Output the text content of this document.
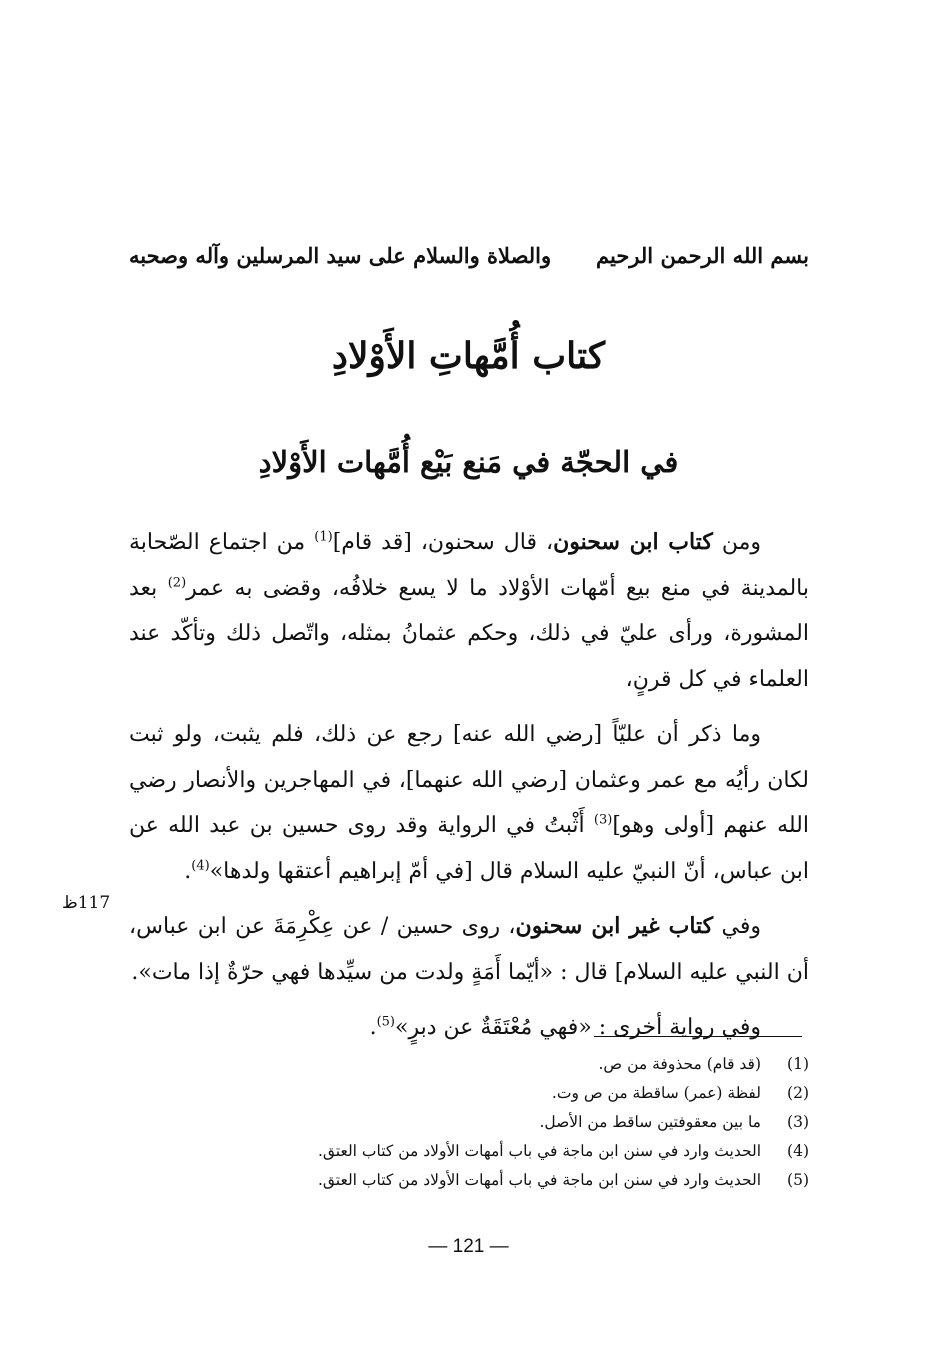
بسم الله الرحمن الرحيم
والصلاة والسلام على سيد المرسلين وآله وصحبه
كتاب أُمَّهاتِ الأَوْلادِ
في الحجّة في مَنع بَيْع أُمَّهات الأَوْلادِ

ومن كتاب ابن سحنون، قال سحنون، [قد قام]$^{(1)}$ من اجتماع الصّحابة بالمدينة في منع بيع أمّهات الأوْلاد ما لا يسع خلافُه، وقضى به عمر$^{(2)}$ بعد المشورة، ورأى عليّ في ذلك، وحكم عثمانُ بمثله، واتّصل ذلك وتأكّد عند العلماء في كل قرنٍ،

وما ذكر أن عليّاً [رضي الله عنه] رجع عن ذلك، فلم يثبت، ولو ثبت لكان رأيُه مع عمر وعثمان [رضي الله عنهما]، في المهاجرين والأنصار رضي الله عنهم [أولى وهو]$^{(3)}$ أَثْبتُ في الرواية وقد روى حسين بن عبد الله عن ابن عباس، أنّ النبيّ عليه السلام قال [في أمّ إبراهيم أعتقها ولدها»$^{(4)}$.

وفي كتاب غير ابن سحنون، روى حسين / عن عِكْرِمَةَ عن ابن عباس، أن النبي عليه السلام] قال : «أيّما أَمَةٍ ولدت من سيِّدها فهي حرّةٌ إذا مات».

وفي رواية أخرى : «فهي مُعْتَقَةٌ عن دبرٍ»$^{(5)}$.

117ظ
(1)
(قد قام) محذوفة من ص.
(2)
لفظة (عمر) ساقطة من ص وت.
(3)
ما بين معقوفتين ساقط من الأصل.
(4)
الحديث وارد في سنن ابن ماجة في باب أمهات الأولاد من كتاب العتق.
(5)
الحديث وارد في سنن ابن ماجة في باب أمهات الأولاد من كتاب العتق.
— 121 —
